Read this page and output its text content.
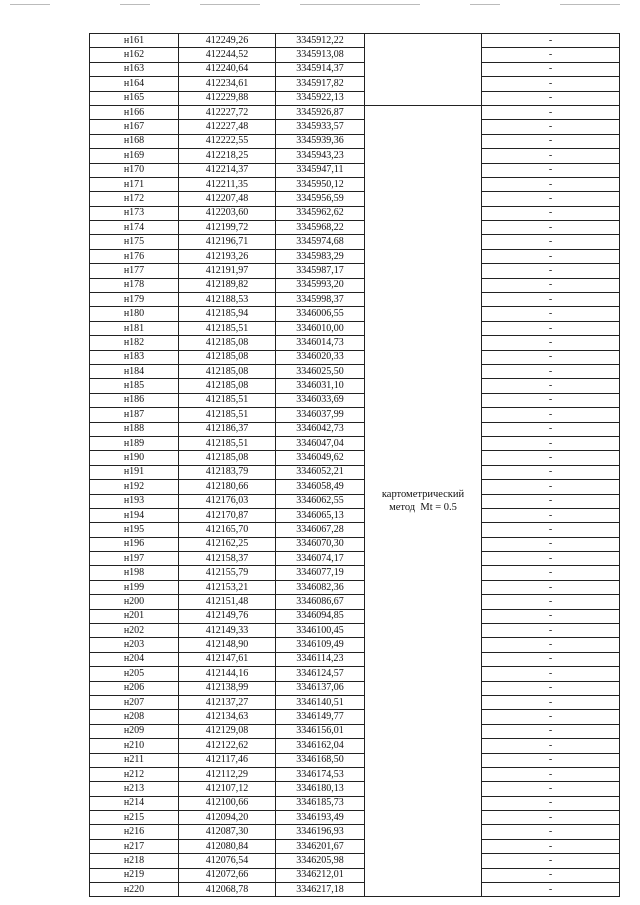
н161	412249,26	3345912,22		-
н162	412244,52	3345913,08		-
н163	412240,64	3345914,37		-
н164	412234,61	3345917,82		-
н165	412229,88	3345922,13		-
н166	412227,72	3345926,87	картометрический
метод  Mt = 0.5	-
н167	412227,48	3345933,57		-
н168	412222,55	3345939,36		-
н169	412218,25	3345943,23		-
н170	412214,37	3345947,11		-
н171	412211,35	3345950,12		-
н172	412207,48	3345956,59		-
н173	412203,60	3345962,62		-
н174	412199,72	3345968,22		-
н175	412196,71	3345974,68		-
н176	412193,26	3345983,29		-
н177	412191,97	3345987,17		-
н178	412189,82	3345993,20		-
н179	412188,53	3345998,37		-
н180	412185,94	3346006,55		-
н181	412185,51	3346010,00		-
н182	412185,08	3346014,73		-
н183	412185,08	3346020,33		-
н184	412185,08	3346025,50		-
н185	412185,08	3346031,10		-
н186	412185,51	3346033,69		-
н187	412185,51	3346037,99		-
н188	412186,37	3346042,73		-
н189	412185,51	3346047,04		-
н190	412185,08	3346049,62		-
н191	412183,79	3346052,21		-
н192	412180,66	3346058,49		-
н193	412176,03	3346062,55		-
н194	412170,87	3346065,13		-
н195	412165,70	3346067,28		-
н196	412162,25	3346070,30		-
н197	412158,37	3346074,17		-
н198	412155,79	3346077,19		-
н199	412153,21	3346082,36		-
н200	412151,48	3346086,67		-
н201	412149,76	3346094,85		-
н202	412149,33	3346100,45		-
н203	412148,90	3346109,49		-
н204	412147,61	3346114,23		-
н205	412144,16	3346124,57		-
н206	412138,99	3346137,06		-
н207	412137,27	3346140,51		-
н208	412134,63	3346149,77		-
н209	412129,08	3346156,01		-
н210	412122,62	3346162,04		-
н211	412117,46	3346168,50		-
н212	412112,29	3346174,53		-
н213	412107,12	3346180,13		-
н214	412100,66	3346185,73		-
н215	412094,20	3346193,49		-
н216	412087,30	3346196,93		-
н217	412080,84	3346201,67		-
н218	412076,54	3346205,98		-
н219	412072,66	3346212,01		-
н220	412068,78	3346217,18		-
